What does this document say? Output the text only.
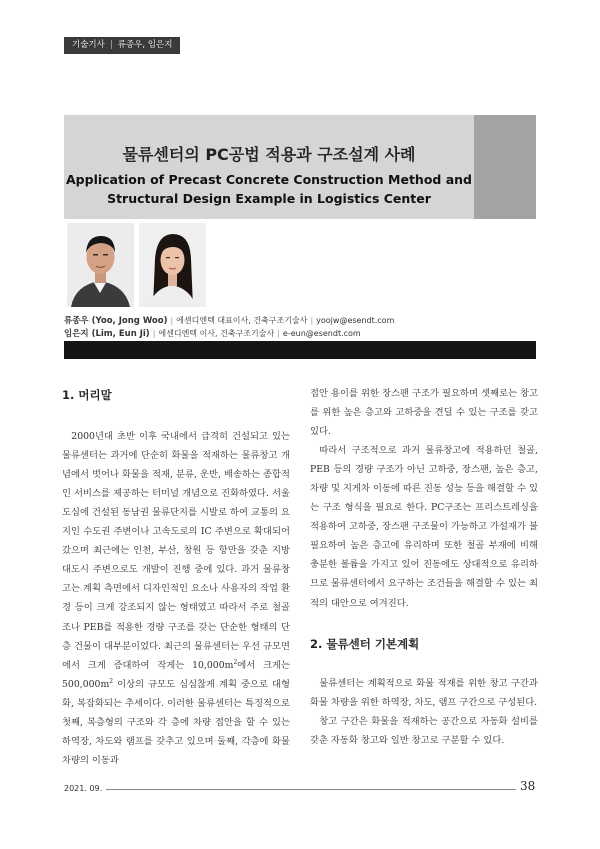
기술기사 | 류종우, 임은지
물류센터의 PC공법 적용과 구조설계 사례
Application of Precast Concrete Construction Method and
Structural Design Example in Logistics Center
류종우 (Yoo, Jong Woo) | 에센디엔텍 대표이사, 건축구조기술사 | yoojw@esendt.com
임은지 (Lim, Eun Ji) | 에센디엔텍 이사, 건축구조기술사 | e-eun@esendt.com

1. 머리말

2000년대 초반 이후 국내에서 급격히 건설되고 있는 물류센터는 과거에 단순히 화물을 적재하는 물류창고 개념에서 벗어나 화물을 적재, 분류, 운반, 배송하는 종합적인 서비스를 제공하는 터미널 개념으로 진화하였다. 서울 도심에 건설된 동남권 물류단지를 시발로 하여 교통의 요지인 수도권 주변이나 고속도로의 IC 주변으로 확대되어 갔으며 최근에는 인천, 부산, 창원 등 항만을 갖춘 지방 대도시 주변으로도 개발이 진행 중에 있다. 과거 물류창고는 계획 측면에서 디자인적인 요소나 사용자의 작업 환경 등이 크게 강조되지 않는 형태였고 따라서 주로 철골조나 PEB를 적용한 경량 구조를 갖는 단순한 형태의 단층 건물이 대부분이었다. 최근의 물류센터는 우선 규모면에서 크게 증대하여 작게는 $10,000m^2$에서 크게는 $500,000m^2$ 이상의 규모도 심심찮게 계획 중으로 대형화, 복잡화되는 추세이다. 이러한 물류센터는 특징적으로 첫째, 복층형의 구조와 각 층에 차량 접안을 할 수 있는 하역장, 차도와 램프를 갖추고 있으며 둘째, 각층에 화물 차량의 이동과

접안 용이를 위한 장스팬 구조가 필요하며 셋째로는 창고를 위한 높은 층고와 고하중을 견딜 수 있는 구조를 갖고 있다.

따라서 구조적으로 과거 물류창고에 적용하던 철골, PEB 등의 경량 구조가 아닌 고하중, 장스팬, 높은 층고, 차량 및 지게차 이동에 따른 진동 성능 등을 해결할 수 있는 구조 형식을 필요로 한다. PC구조는 프리스트레싱을 적용하여 고하중, 장스팬 구조물이 가능하고 가설재가 불필요하여 높은 층고에 유리하며 또한 철골 부재에 비해 충분한 볼륨을 가지고 있어 진동에도 상대적으로 유리하므로 물류센터에서 요구하는 조건들을 해결할 수 있는 최적의 대안으로 여겨진다.

2. 물류센터 기본계획

물류센터는 계획적으로 화물 적재를 위한 창고 구간과 화물 차량을 위한 하역장, 차도, 램프 구간으로 구성된다.

창고 구간은 화물을 적재하는 공간으로 자동화 설비를 갖춘 자동화 창고와 일반 창고로 구분할 수 있다.

2021. 09.	38
